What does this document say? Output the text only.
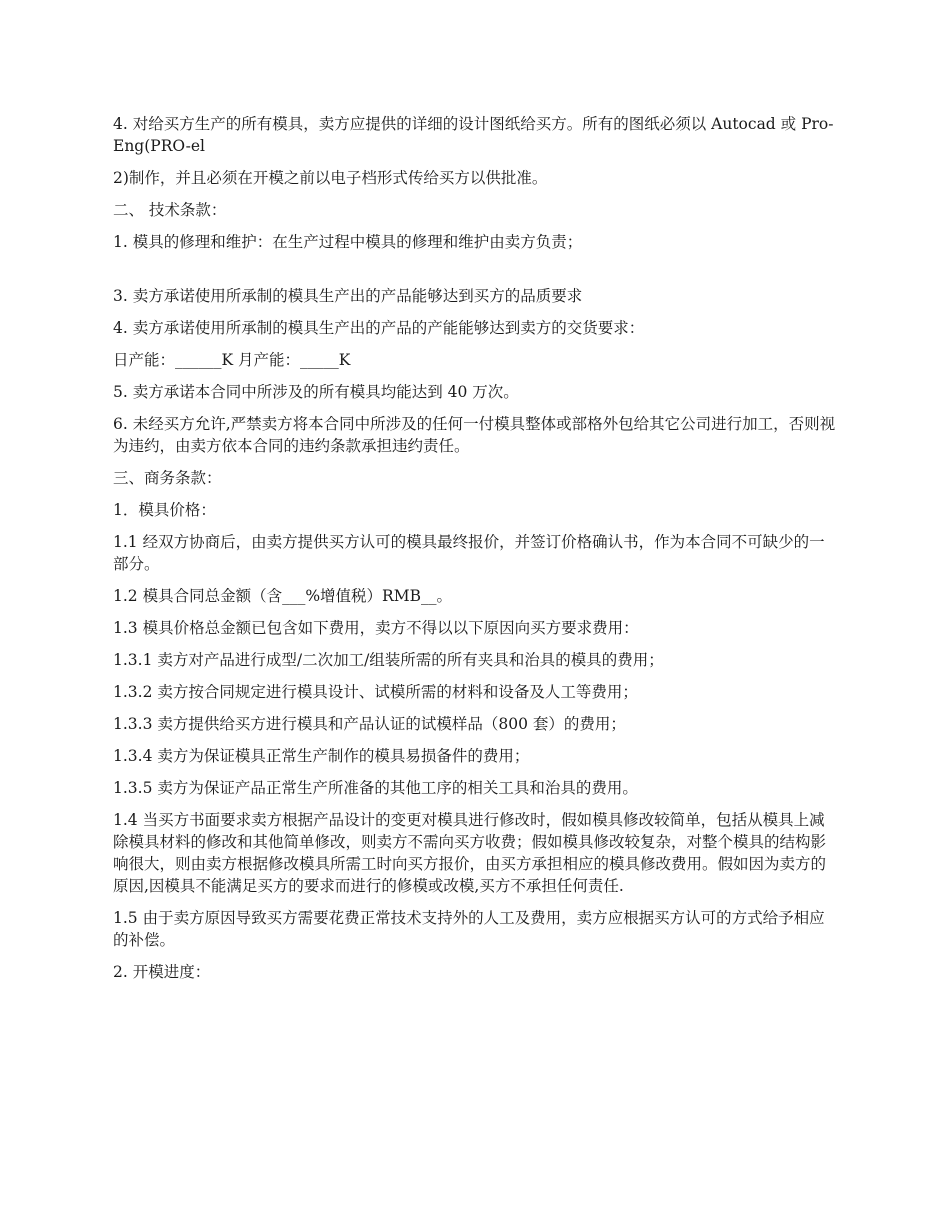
4. 对给买方生产的所有模具，卖方应提供的详细的设计图纸给买方。所有的图纸必须以 Autocad 或 Pro-Eng(PRO-el

2)制作，并且必须在开模之前以电子档形式传给买方以供批准。

二、 技术条款：

1. 模具的修理和维护：在生产过程中模具的修理和维护由卖方负责；

3. 卖方承诺使用所承制的模具生产出的产品能够达到买方的品质要求

4. 卖方承诺使用所承制的模具生产出的产品的产能能够达到卖方的交货要求：

日产能：______K 月产能：_____K

5. 卖方承诺本合同中所涉及的所有模具均能达到 40 万次。

6. 未经买方允许,严禁卖方将本合同中所涉及的任何一付模具整体或部格外包给其它公司进行加工，否则视为违约，由卖方依本合同的违约条款承担违约责任。

三、商务条款：

1．模具价格：

1.1 经双方协商后，由卖方提供买方认可的模具最终报价，并签订价格确认书，作为本合同不可缺少的一部分。

1.2 模具合同总金额（含___%增值税）RMB__。

1.3 模具价格总金额已包含如下费用，卖方不得以以下原因向买方要求费用：

1.3.1 卖方对产品进行成型/二次加工/组装所需的所有夹具和治具的模具的费用；

1.3.2 卖方按合同规定进行模具设计、试模所需的材料和设备及人工等费用；

1.3.3 卖方提供给买方进行模具和产品认证的试模样品（800 套）的费用；

1.3.4 卖方为保证模具正常生产制作的模具易损备件的费用；

1.3.5 卖方为保证产品正常生产所准备的其他工序的相关工具和治具的费用。

1.4 当买方书面要求卖方根据产品设计的变更对模具进行修改时，假如模具修改较简单，包括从模具上减除模具材料的修改和其他简单修改，则卖方不需向买方收费；假如模具修改较复杂，对整个模具的结构影响很大，则由卖方根据修改模具所需工时向买方报价，由买方承担相应的模具修改费用。假如因为卖方的原因,因模具不能满足买方的要求而进行的修模或改模,买方不承担任何责任.

1.5 由于卖方原因导致买方需要花费正常技术支持外的人工及费用，卖方应根据买方认可的方式给予相应的补偿。

2. 开模进度：
